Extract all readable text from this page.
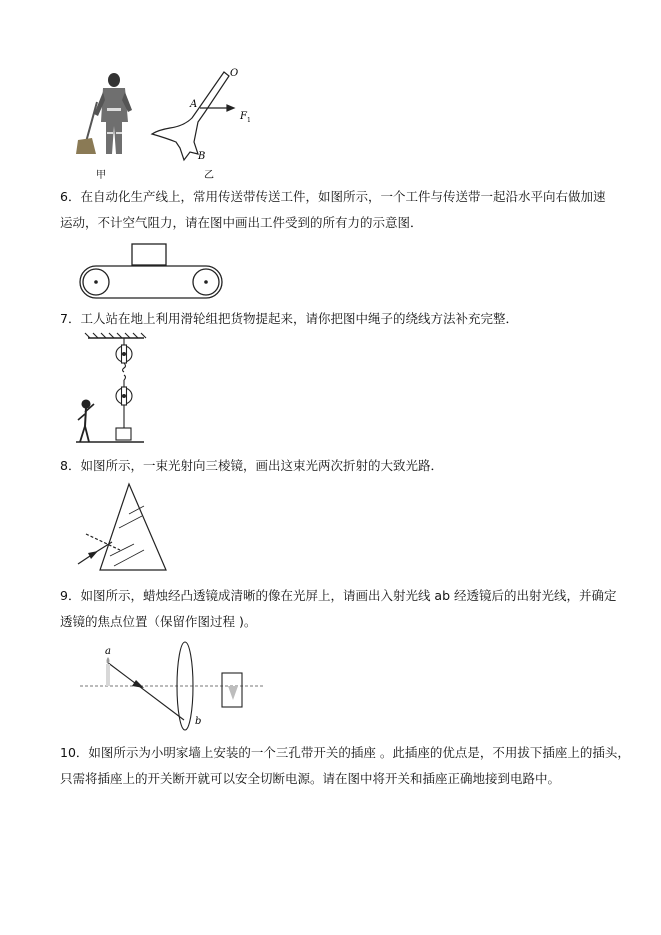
O
A
B
F 1
甲	乙
6．在自动化生产线上，常用传送带传送工件，如图所示，一个工件与传送带一起沿水平向右做加速
运动，不计空气阻力，请在图中画出工件受到的所有力的示意图．
7．工人站在地上利用滑轮组把货物提起来，请你把图中绳子的绕线方法补充完整．
8．如图所示，一束光射向三棱镜，画出这束光两次折射的大致光路．
9．如图所示，蜡烛经凸透镜成清晰的像在光屏上，请画出入射光线 ab 经透镜后的出射光线，并确定
透镜的焦点位置（保留作图过程 )。
a
b
10．如图所示为小明家墙上安装的一个三孔带开关的插座 。此插座的优点是，不用拔下插座上的插头，
只需将插座上的开关断开就可以安全切断电源。请在图中将开关和插座正确地接到电路中。
